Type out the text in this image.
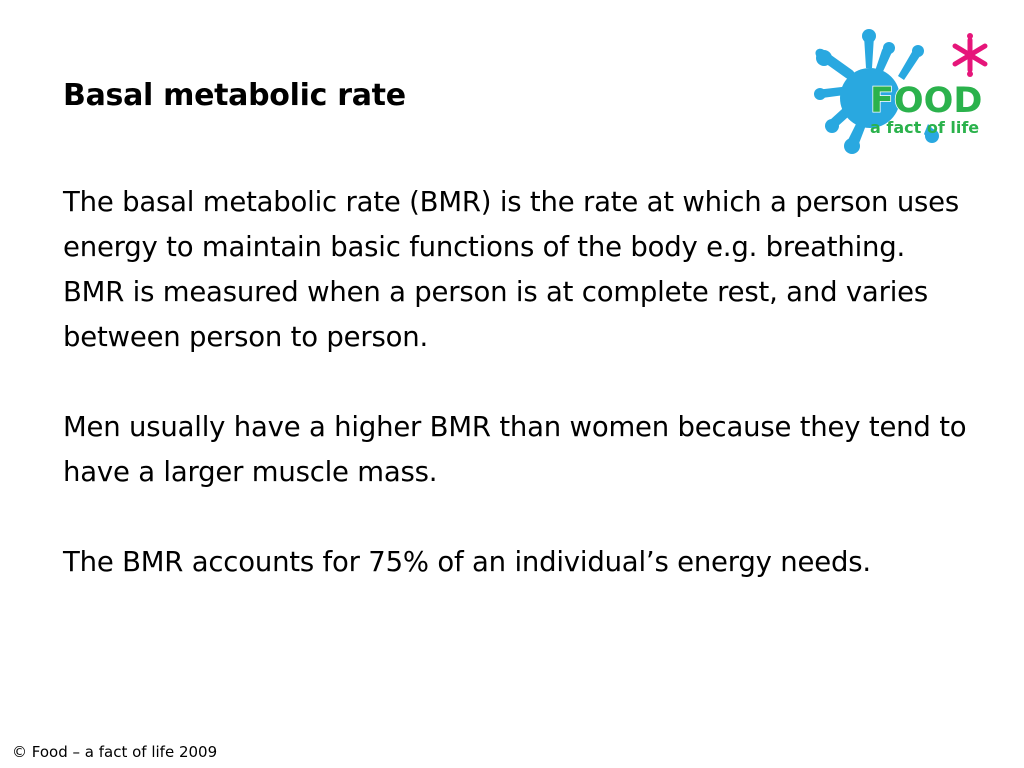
Basal metabolic rate

The basal metabolic rate (BMR) is the rate at which a person uses energy to maintain basic functions of the body e.g. breathing. BMR is measured when a person is at complete rest, and varies between person to person.

Men usually have a higher BMR than women because they tend to have a larger muscle mass.

The BMR accounts for 75% of an individual’s energy needs.

FOOD
a fact of life
© Food – a fact of life 2009
